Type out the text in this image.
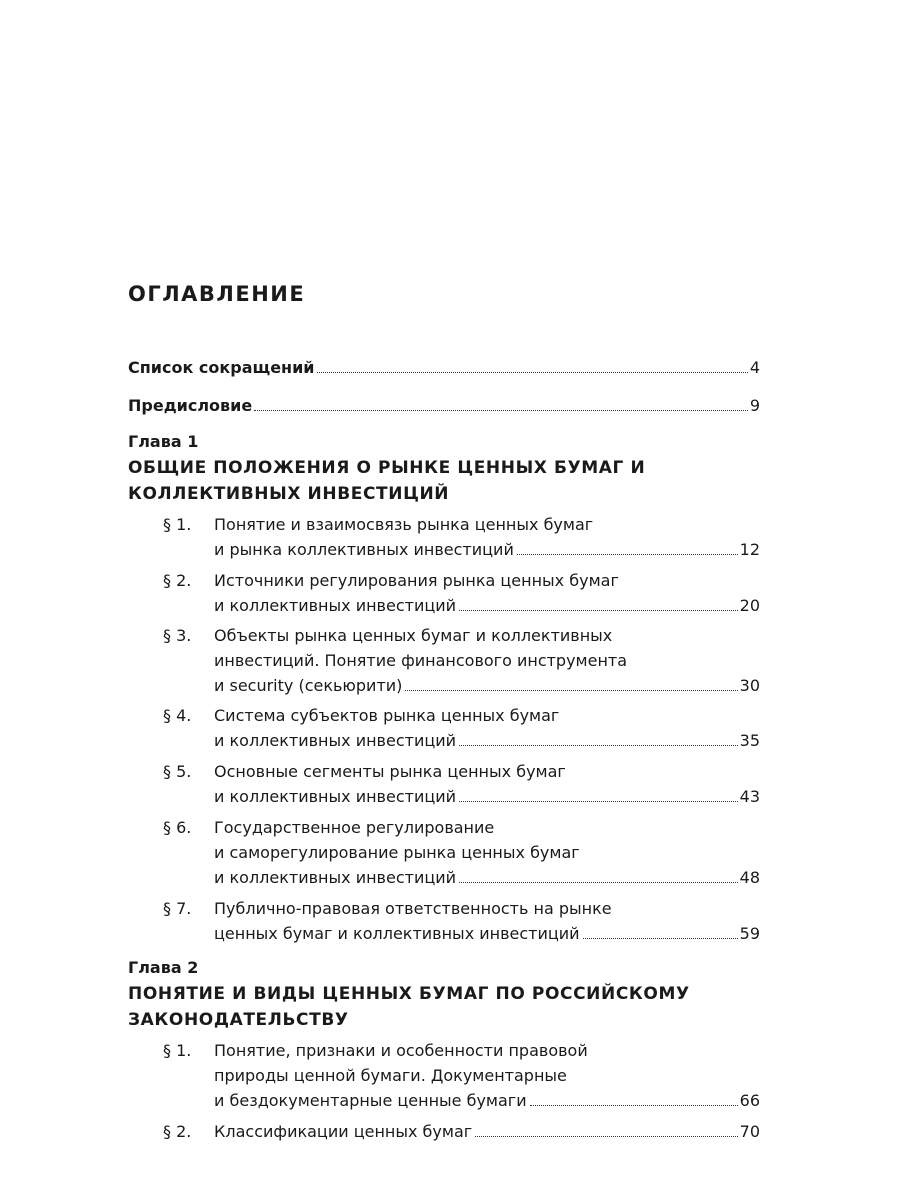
ОГЛАВЛЕНИЕ
Список сокращений	4
Предисловие	9
Глава 1
ОБЩИЕ ПОЛОЖЕНИЯ О РЫНКЕ ЦЕННЫХ БУМАГ И
КОЛЛЕКТИВНЫХ ИНВЕСТИЦИЙ
§ 1. Понятие и взаимосвязь рынка ценных бумаг
и рынка коллективных инвестиций	12
§ 2. Источники регулирования рынка ценных бумаг
и коллективных инвестиций	20
§ 3. Объекты рынка ценных бумаг и коллективных
инвестиций. Понятие финансового инструмента
и security (секьюрити)	30
§ 4. Система субъектов рынка ценных бумаг
и коллективных инвестиций	35
§ 5. Основные сегменты рынка ценных бумаг
и коллективных инвестиций	43
§ 6. Государственное регулирование
и саморегулирование рынка ценных бумаг
и коллективных инвестиций	48
§ 7. Публично-правовая ответственность на рынке
ценных бумаг и коллективных инвестиций	59
Глава 2
ПОНЯТИЕ И ВИДЫ ЦЕННЫХ БУМАГ ПО РОССИЙСКОМУ
ЗАКОНОДАТЕЛЬСТВУ
§ 1. Понятие, признаки и особенности правовой
природы ценной бумаги. Документарные
и бездокументарные ценные бумаги	66
§ 2. Классификации ценных бумаг	70
